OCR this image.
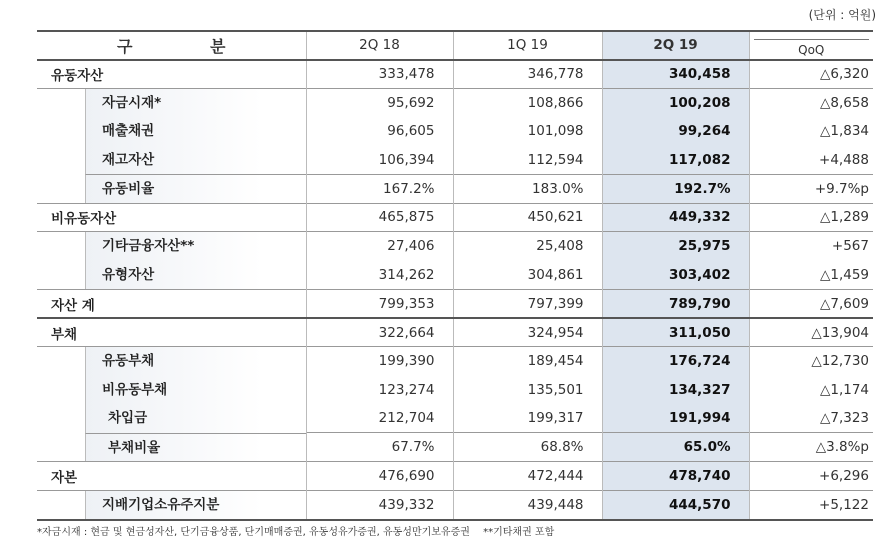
(단위 : 억원)
구 분	2Q 18	1Q 19	2Q 19	QoQ

유동자산	333,478	346,778	340,458	△6,320

자금시재*	95,692	108,866	100,208	△8,658

매출채권	96,605	101,098	99,264	△1,834

재고자산	106,394	112,594	117,082	+4,488

유동비율	167.2%	183.0%	192.7%	+9.7%p
비유동자산	465,875	450,621	449,332	△1,289

기타금융자산**	27,406	25,408	25,975	+567

유형자산	314,262	304,861	303,402	△1,459
자산 계	799,353	797,399	789,790	△7,609
부채	322,664	324,954	311,050	△13,904

유동부채	199,390	189,454	176,724	△12,730

비유동부채	123,274	135,501	134,327	△1,174

차입금	212,704	199,317	191,994	△7,323

부채비율	67.7%	68.8%	65.0%	△3.8%p
자본	476,690	472,444	478,740	+6,296

지배기업소유주지분	439,332	439,448	444,570	+5,122
*자금시재 : 현금 및 현금성자산, 단기금융상품, 단기매매증권, 유동성유가증권, 유동성만기보유증권 **기타채권 포함
